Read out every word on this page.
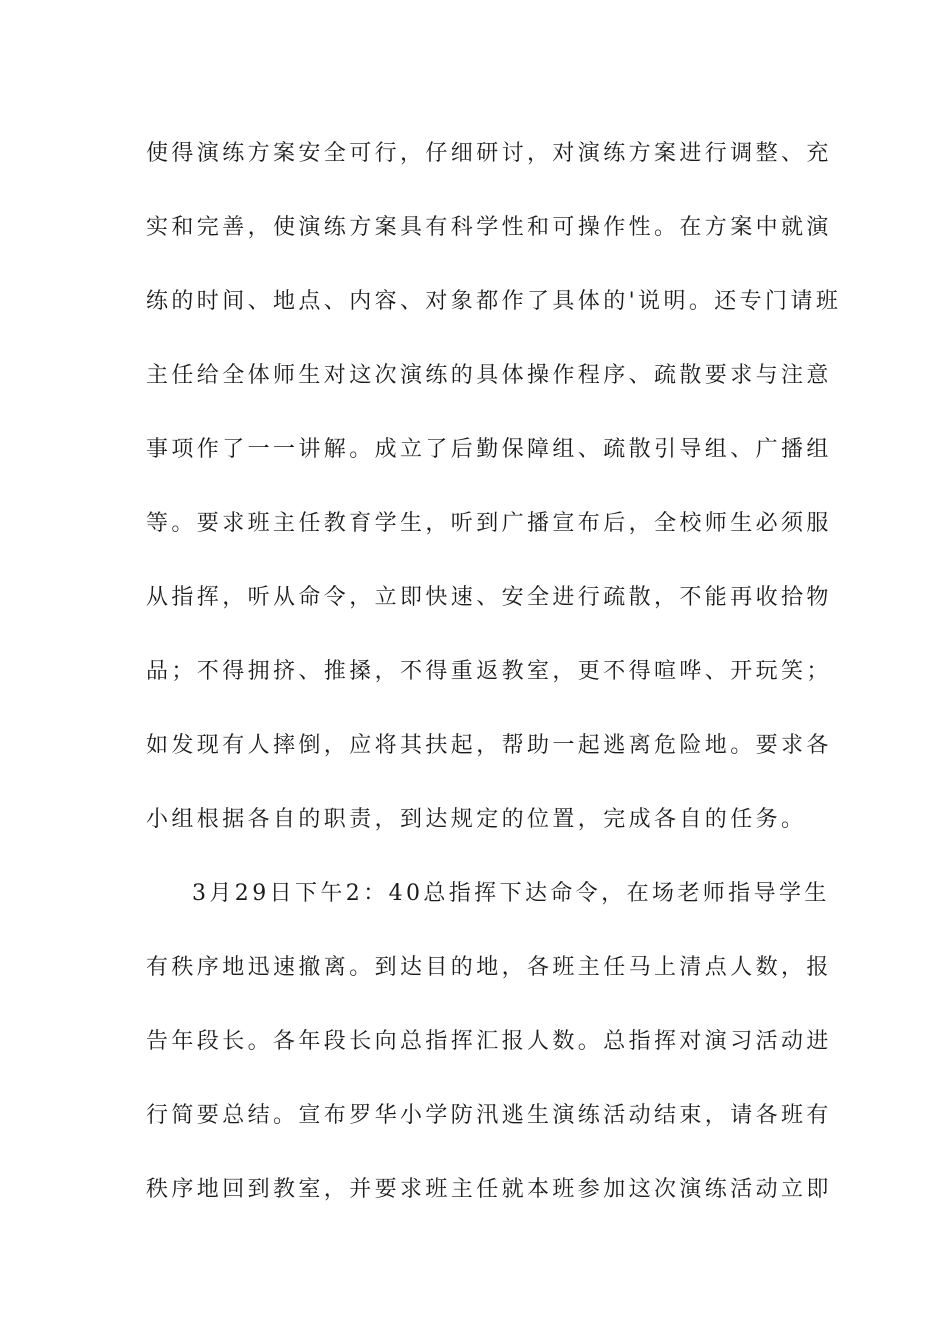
使得演练方案安全可行，仔细研讨，对演练方案进行调整、充
实和完善，使演练方案具有科学性和可操作性。在方案中就演
练的时间、地点、内容、对象都作了具体的'说明。还专门请班
主任给全体师生对这次演练的具体操作程序、疏散要求与注意
事项作了一一讲解。成立了后勤保障组、疏散引导组、广播组
等。要求班主任教育学生，听到广播宣布后，全校师生必须服
从指挥，听从命令，立即快速、安全进行疏散，不能再收拾物
品；不得拥挤、推搡，不得重返教室，更不得喧哗、开玩笑；
如发现有人摔倒，应将其扶起，帮助一起逃离危险地。要求各
小组根据各自的职责，到达规定的位置，完成各自的任务。
3月29日下午2：40总指挥下达命令，在场老师指导学生
有秩序地迅速撤离。到达目的地，各班主任马上清点人数，报
告年段长。各年段长向总指挥汇报人数。总指挥对演习活动进
行简要总结。宣布罗华小学防汛逃生演练活动结束，请各班有
秩序地回到教室，并要求班主任就本班参加这次演练活动立即
